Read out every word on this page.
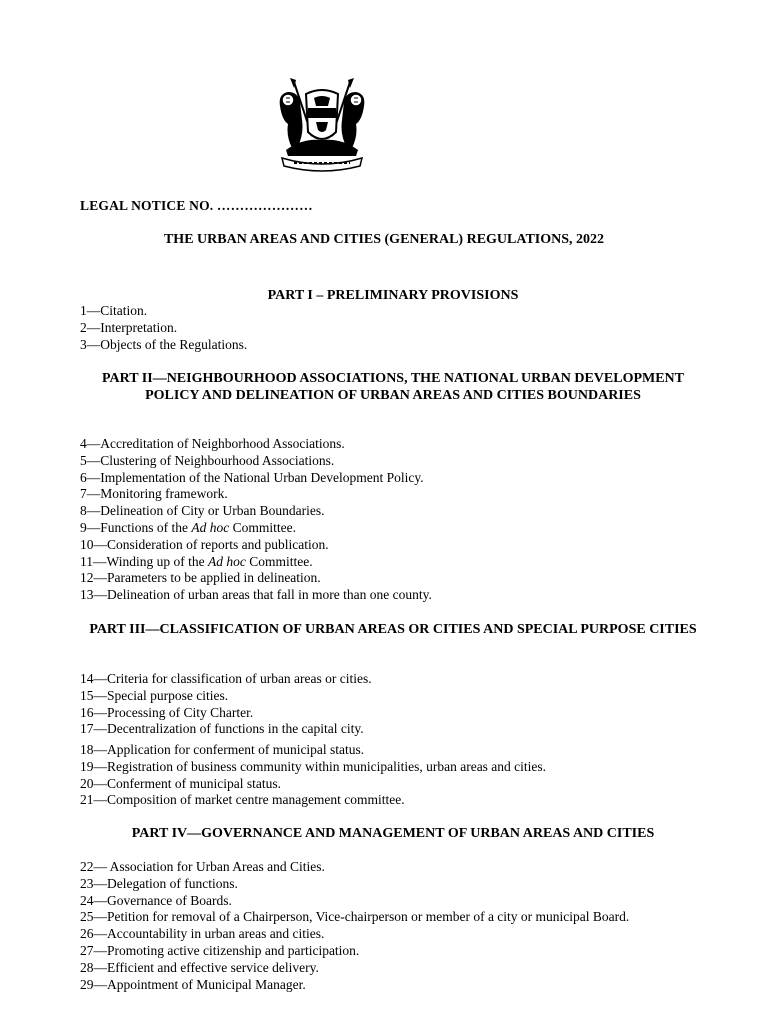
LEGAL NOTICE NO. …………………
THE URBAN AREAS AND CITIES (GENERAL) REGULATIONS, 2022
PART I – PRELIMINARY PROVISIONS
1—Citation.
2—Interpretation.
3—Objects of the Regulations.
PART II—NEIGHBOURHOOD ASSOCIATIONS, THE NATIONAL URBAN DEVELOPMENT POLICY AND DELINEATION OF URBAN AREAS AND CITIES BOUNDARIES
4—Accreditation of Neighborhood Associations.
5—Clustering of Neighbourhood Associations.
6—Implementation of the National Urban Development Policy.
7—Monitoring framework.
8—Delineation of City or Urban Boundaries.
9—Functions of the Ad hoc Committee.
10—Consideration of reports and publication.
11—Winding up of the Ad hoc Committee.
12—Parameters to be applied in delineation.
13—Delineation of urban areas that fall in more than one county.
PART III—CLASSIFICATION OF URBAN AREAS OR CITIES AND SPECIAL PURPOSE CITIES
14—Criteria for classification of urban areas or cities.
15—Special purpose cities.
16—Processing of City Charter.
17—Decentralization of functions in the capital city.
18—Application for conferment of municipal status.
19—Registration of business community within municipalities, urban areas and cities.
20—Conferment of municipal status.
21—Composition of market centre management committee.
PART IV—GOVERNANCE AND MANAGEMENT OF URBAN AREAS AND CITIES
22— Association for Urban Areas and Cities.
23—Delegation of functions.
24—Governance of Boards.
25—Petition for removal of a Chairperson, Vice-chairperson or member of a city or municipal Board.
26—Accountability in urban areas and cities.
27—Promoting active citizenship and participation.
28—Efficient and effective service delivery.
29—Appointment of Municipal Manager.
